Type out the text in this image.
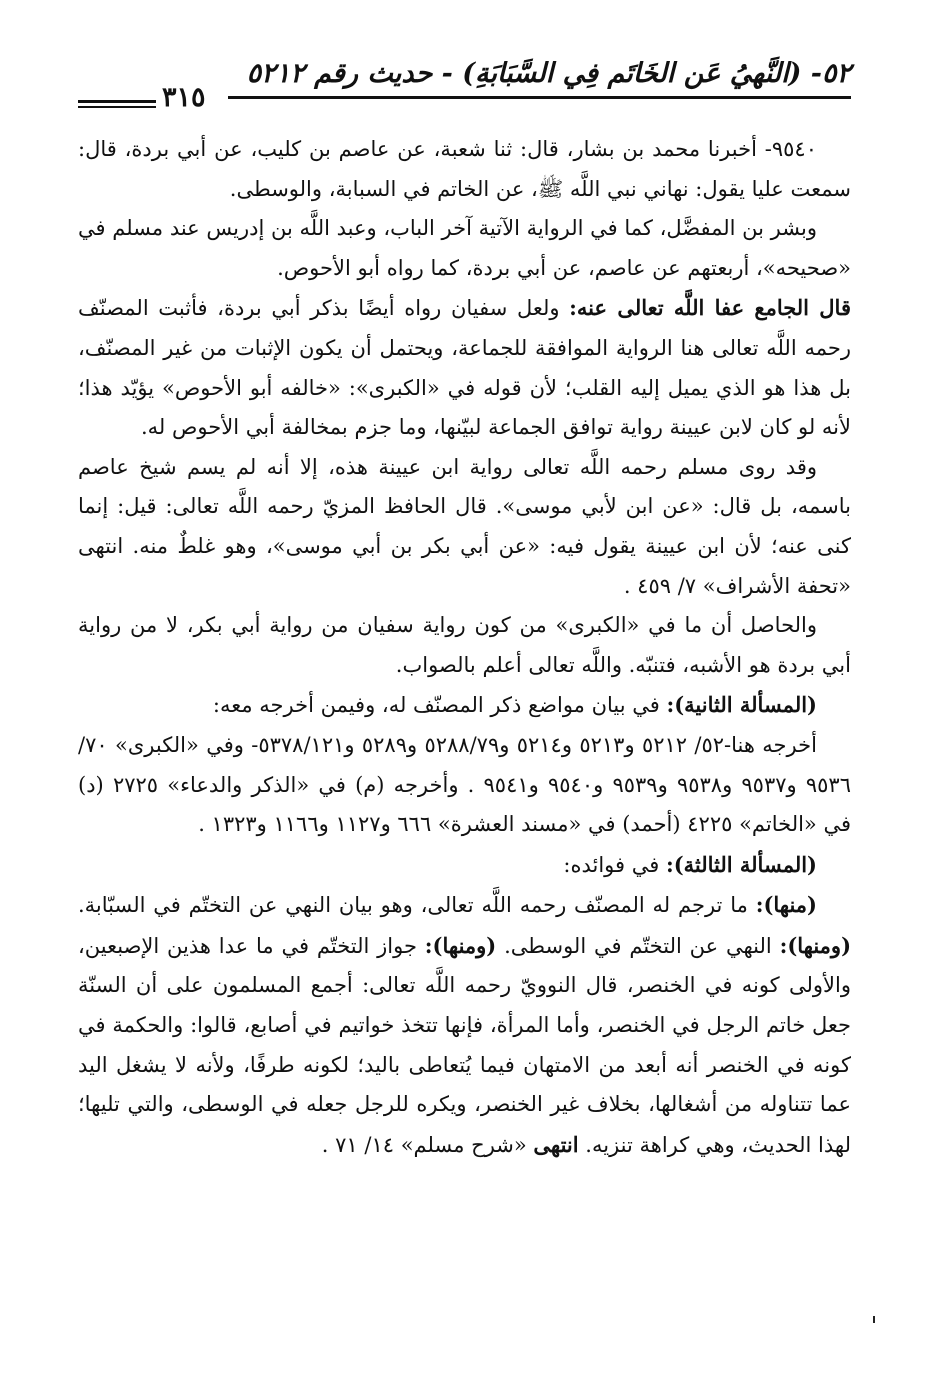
٥٢- (النَّهيُ عَن الخَاتَم فِي السَّبَابَةِ) - حديث رقم ٥٢١٢
٣١٥

٩٥٤٠- أخبرنا محمد بن بشار، قال: ثنا شعبة، عن عاصم بن كليب، عن أبي بردة، قال: سمعت عليا يقول: نهاني نبي اللَّه ﷺ، عن الخاتم في السبابة، والوسطى.

وبشر بن المفضَّل، كما في الرواية الآتية آخر الباب، وعبد اللَّه بن إدريس عند مسلم في «صحيحه»، أربعتهم عن عاصم، عن أبي بردة، كما رواه أبو الأحوص.

قال الجامع عفا اللَّه تعالى عنه: ولعل سفيان رواه أيضًا بذكر أبي بردة، فأثبت المصنّف رحمه اللَّه تعالى هنا الرواية الموافقة للجماعة، ويحتمل أن يكون الإثبات من غير المصنّف، بل هذا هو الذي يميل إليه القلب؛ لأن قوله في «الكبرى»: «خالفه أبو الأحوص» يؤيّد هذا؛ لأنه لو كان لابن عيينة رواية توافق الجماعة لبيّنها، وما جزم بمخالفة أبي الأحوص له.

وقد روى مسلم رحمه اللَّه تعالى رواية ابن عيينة هذه، إلا أنه لم يسم شيخ عاصم باسمه، بل قال: «عن ابن لأبي موسى». قال الحافظ المزيّ رحمه اللَّه تعالى: قيل: إنما كنى عنه؛ لأن ابن عيينة يقول فيه: «عن أبي بكر بن أبي موسى»، وهو غلطٌ منه. انتهى «تحفة الأشراف» ٧/ ٤٥٩ .

والحاصل أن ما في «الكبرى» من كون رواية سفيان من رواية أبي بكر، لا من رواية أبي بردة هو الأشبه، فتنبّه. واللَّه تعالى أعلم بالصواب.

(المسألة الثانية): في بيان مواضع ذكر المصنّف له، وفيمن أخرجه معه:

أخرجه هنا-٥٢/ ٥٢١٢ و٥٢١٣ و٥٢١٤ و٥٢٨٨/٧٩ و٥٢٨٩ و٥٣٧٨/١٢١- وفي «الكبرى» ٧٠/ ٩٥٣٦ و٩٥٣٧ و٩٥٣٨ و٩٥٣٩ و٩٥٤٠ و٩٥٤١ . وأخرجه (م) في «الذكر والدعاء» ٢٧٢٥ (د) في «الخاتم» ٤٢٢٥ (أحمد) في «مسند العشرة» ٦٦٦ و١١٢٧ و١١٦٦ و١٣٢٣ .

(المسألة الثالثة): في فوائده:

(منها): ما ترجم له المصنّف رحمه اللَّه تعالى، وهو بيان النهي عن التختّم في السبّابة. (ومنها): النهي عن التختّم في الوسطى. (ومنها): جواز التختّم في ما عدا هذين الإصبعين، والأولى كونه في الخنصر، قال النوويّ رحمه اللَّه تعالى: أجمع المسلمون على أن السنّة جعل خاتم الرجل في الخنصر، وأما المرأة، فإنها تتخذ خواتيم في أصابع، قالوا: والحكمة في كونه في الخنصر أنه أبعد من الامتهان فيما يُتعاطى باليد؛ لكونه طرفًا، ولأنه لا يشغل اليد عما تتناوله من أشغالها، بخلاف غير الخنصر، ويكره للرجل جعله في الوسطى، والتي تليها؛ لهذا الحديث، وهي كراهة تنزيه. انتهى «شرح مسلم» ١٤/ ٧١ .
